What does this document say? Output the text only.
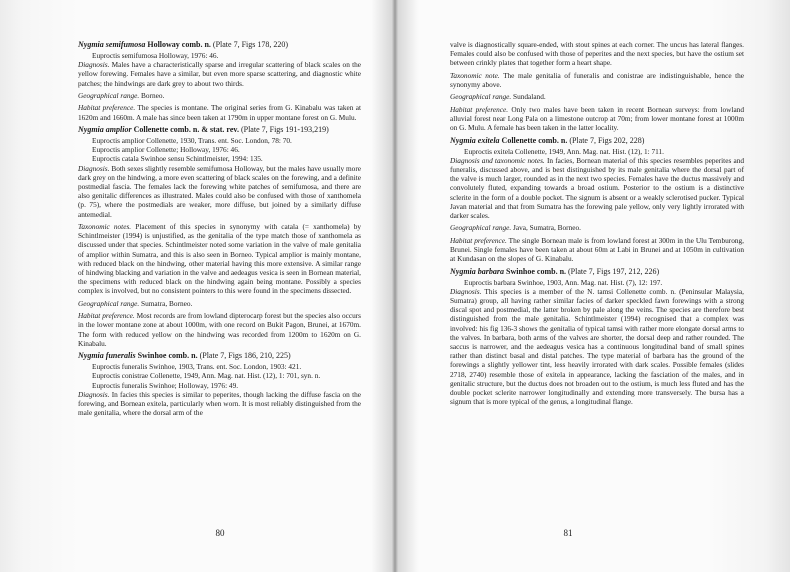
Nygmia semifumosa Holloway comb. n. (Plate 7, Figs 178, 220)

Euproctis semifumosa Holloway, 1976: 46.

Diagnosis. Males have a characteristically sparse and irregular scattering of black scales on the yellow forewing. Females have a similar, but even more sparse scattering, and diagnostic white patches; the hindwings are dark grey to about two thirds.

Geographical range. Borneo.

Habitat preference. The species is montane. The original series from G. Kinabalu was taken at 1620m and 1660m. A male has since been taken at 1790m in upper montane forest on G. Mulu.

Nygmia amplior Collenette comb. n. & stat. rev. (Plate 7, Figs 191-193,219)

Euproctis amplior Collenette, 1930, Trans. ent. Soc. London, 78: 70.

Euproctis amplior Collenette; Holloway, 1976: 46.

Euproctis catala Swinhoe sensu Schintlmeister, 1994: 135.

Diagnosis. Both sexes slightly resemble semifumosa Holloway, but the males have usually more dark grey on the hindwing, a more even scattering of black scales on the forewing, and a definite postmedial fascia. The females lack the forewing white patches of semifumosa, and there are also genitalic differences as illustrated. Males could also be confused with those of xanthomela (p. 75), where the postmedials are weaker, more diffuse, but joined by a similarly diffuse antemedial.

Taxonomic notes. Placement of this species in synonymy with catala (= xanthomela) by Schintlmeister (1994) is unjustified, as the genitalia of the type match those of xanthomela as discussed under that species. Schintlmeister noted some variation in the valve of male genitalia of amplior within Sumatra, and this is also seen in Borneo. Typical amplior is mainly montane, with reduced black on the hindwing, other material having this more extensive. A similar range of hindwing blacking and variation in the valve and aedeagus vesica is seen in Bornean material, the specimens with reduced black on the hindwing again being montane. Possibly a species complex is involved, but no consistent pointers to this were found in the specimens dissected.

Geographical range. Sumatra, Borneo.

Habitat preference. Most records are from lowland dipterocarp forest but the species also occurs in the lower montane zone at about 1000m, with one record on Bukit Pagon, Brunei, at 1670m. The form with reduced yellow on the hindwing was recorded from 1200m to 1620m on G. Kinabalu.

Nygmia funeralis Swinhoe comb. n. (Plate 7, Figs 186, 210, 225)

Euproctis funeralis Swinhoe, 1903, Trans. ent. Soc. London, 1903: 421.

Euproctis conistrae Collenette, 1949, Ann. Mag. nat. Hist. (12), 1: 701, syn. n.

Euproctis funeralis Swinhoe; Holloway, 1976: 49.

Diagnosis. In facies this species is similar to peperites, though lacking the diffuse fascia on the forewing, and Bornean exitela, particularly when worn. It is most reliably distinguished from the male genitalia, where the dorsal arm of the

80

valve is diagnostically square-ended, with stout spines at each corner. The uncus has lateral flanges. Females could also be confused with those of peperites and the next species, but have the ostium set between crinkly plates that together form a heart shape.

Taxonomic note. The male genitalia of funeralis and conistrae are indistinguishable, hence the synonymy above.

Geographical range. Sundaland.

Habitat preference. Only two males have been taken in recent Bornean surveys: from lowland alluvial forest near Long Pala on a limestone outcrop at 70m; from lower montane forest at 1000m on G. Mulu. A female has been taken in the latter locality.

Nygmia exitela Collenette comb. n. (Plate 7, Figs 202, 228)

Euproctis exitela Collenette, 1949, Ann. Mag. nat. Hist. (12), 1: 711.

Diagnosis and taxonomic notes. In facies, Bornean material of this species resembles peperites and funeralis, discussed above, and is best distinguished by its male genitalia where the dorsal part of the valve is much larger, rounded as in the next two species. Females have the ductus massively and convolutely fluted, expanding towards a broad ostium. Posterior to the ostium is a distinctive sclerite in the form of a double pocket. The signum is absent or a weakly sclerotised pucker. Typical Javan material and that from Sumatra has the forewing pale yellow, only very lightly irrorated with darker scales.

Geographical range. Java, Sumatra, Borneo.

Habitat preference. The single Bornean male is from lowland forest at 300m in the Ulu Temburong, Brunei. Single females have been taken at about 60m at Labi in Brunei and at 1050m in cultivation at Kundasan on the slopes of G. Kinabalu.

Nygmia barbara Swinhoe comb. n. (Plate 7, Figs 197, 212, 226)

Euproctis barbara Swinhoe, 1903, Ann. Mag. nat. Hist. (7), 12: 197.

Diagnosis. This species is a member of the N. tamsi Collenette comb. n. (Peninsular Malaysia, Sumatra) group, all having rather similar facies of darker speckled fawn forewings with a strong discal spot and postmedial, the latter broken by pale along the veins. The species are therefore best distinguished from the male genitalia. Schintlmeister (1994) recognised that a complex was involved: his fig 136-3 shows the genitalia of typical tamsi with rather more elongate dorsal arms to the valves. In barbara, both arms of the valves are shorter, the dorsal deep and rather rounded. The saccus is narrower, and the aedeagus vesica has a continuous longitudinal band of small spines rather than distinct basal and distal patches. The type material of barbara has the ground of the forewings a slightly yellower tint, less heavily irrorated with dark scales. Possible females (slides 2718, 2740) resemble those of exitela in appearance, lacking the fasciation of the males, and in genitalic structure, but the ductus does not broaden out to the ostium, is much less fluted and has the double pocket sclerite narrower longitudinally and extending more transversely. The bursa has a signum that is more typical of the genus, a longitudinal flange.

81
